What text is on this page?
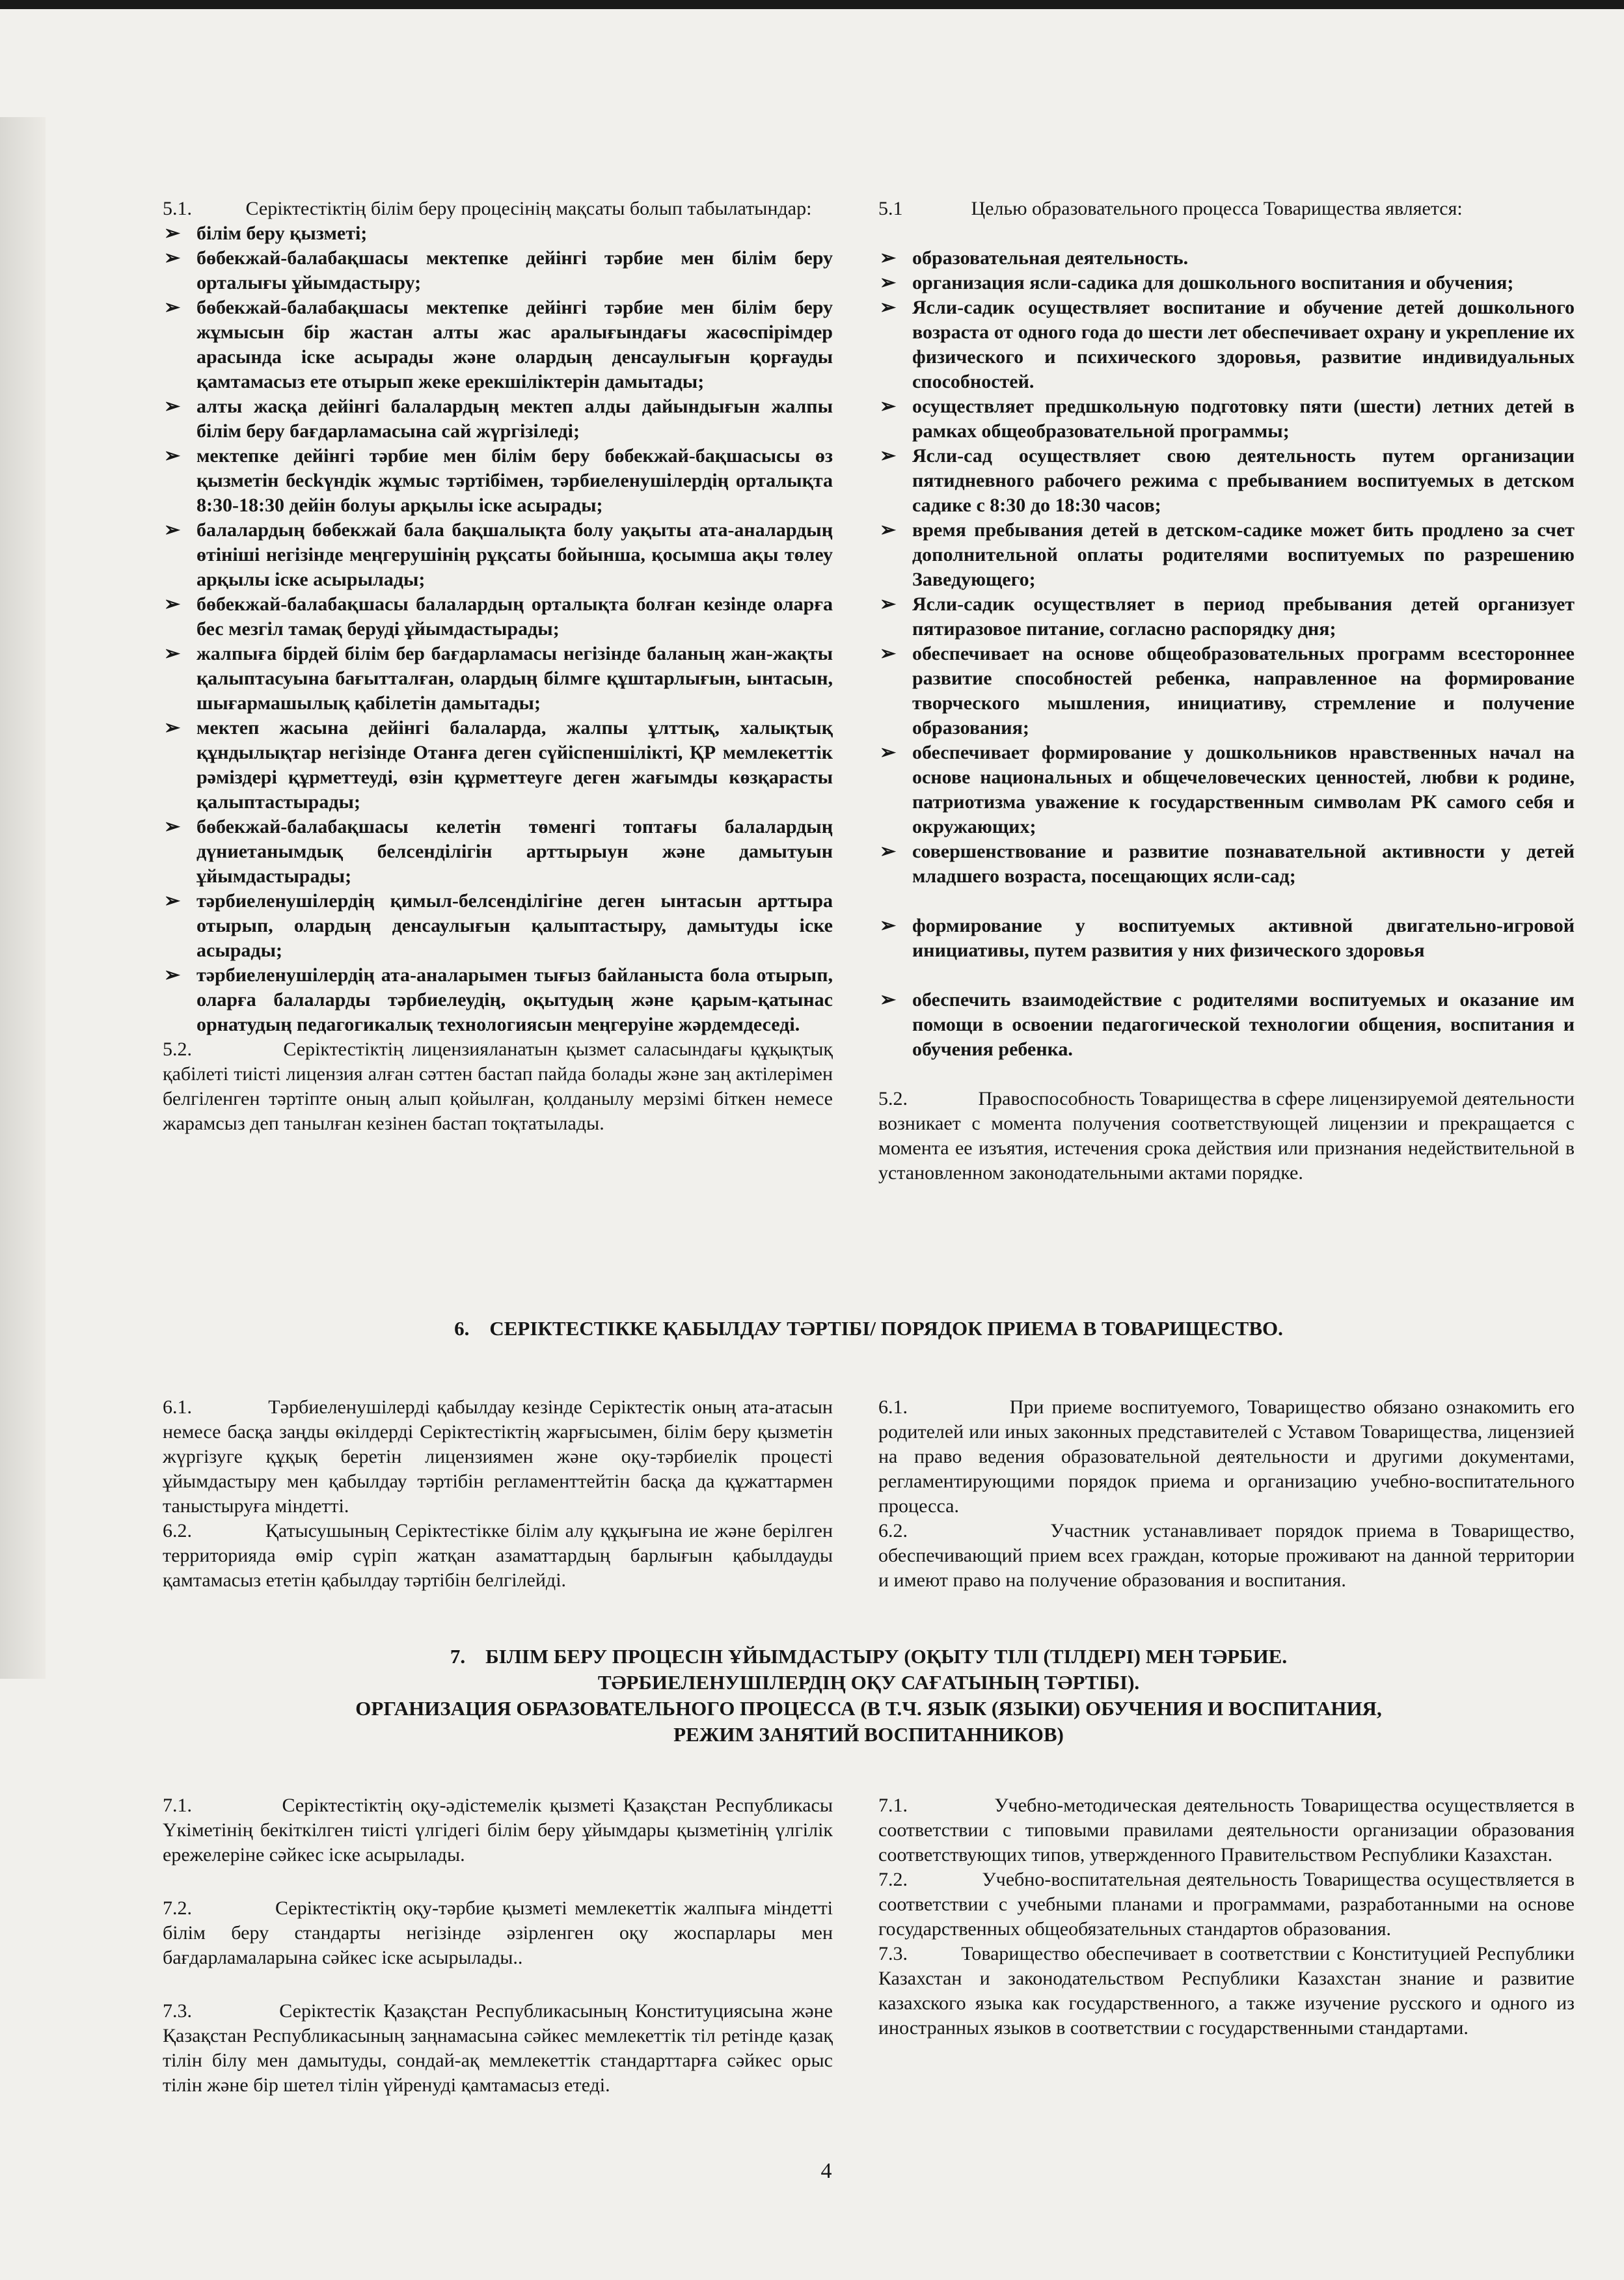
5.1.           Серіктестіктің білім беру процесінің мақсаты болып табылатындар:

➢ білім беру қызметі;
➢ бөбекжай-балабақшасы мектепке дейінгі тәрбие мен білім беру орталығы ұйымдастыру;
➢ бөбекжай-балабақшасы мектепке дейінгі тәрбие мен білім беру жұмысын бір жастан алты жас аралығындағы жасөспірімдер арасында іске асырады және олардың денсаулығын қорғауды қамтамасыз ете отырып жеке ерекшіліктерін дамытады;
➢ алты жасқа дейінгі балалардың мектеп алды дайындығын жалпы білім беру бағдарламасына сай жүргізіледі;
➢ мектепке дейінгі тәрбие мен білім беру бөбекжай-бақшасысы өз қызметін бесkүндік жұмыс тәртібімен, тәрбиеленушілердің орталықта 8:30-18:30 дейін болуы арқылы іске асырады;
➢ балалардың бөбекжай бала бақшалықта болу уақыты ата-аналардың өтініші негізінде меңгерушінің рұқсаты бойынша, қосымша ақы төлеу арқылы іске асырылады;
➢ бөбекжай-балабақшасы балалардың орталықта болған кезінде оларға бес мезгіл тамақ беруді ұйымдастырады;
➢ жалпыға бірдей білім бер бағдарламасы негізінде баланың жан-жақты қалыптасуына бағытталған, олардың білмге құштарлығын, ынтасын, шығармашылық қабілетін дамытады;
➢ мектеп жасына дейінгі балаларда, жалпы ұлттық, халықтық құндылықтар негізінде Отанға деген сүйіспеншілікті, ҚР мемлекеттік рәміздері құрметтеуді, өзін құрметтеуге деген жағымды көзқарасты қалыптастырады;
➢ бөбекжай-балабақшасы келетін төменгі топтағы балалардың дүниетанымдық белсенділігін арттырыун және дамытуын ұйымдастырады;
➢ тәрбиеленушілердің қимыл-белсенділігіне деген ынтасын арттыра отырып, олардың денсаулығын қалыптастыру, дамытуды іске асырады;
➢ тәрбиеленушілердің ата-аналарымен тығыз байланыста бола отырып, оларға балаларды тәрбиелеудің, оқытудың және қарым-қатынас орнатудың педагогикалық технологиясын меңгеруіне жәрдемдеседі.

5.2.           Серіктестіктің лицензияланатын қызмет саласындағы құқықтық қабілеті тиісті лицензия алған сәттен бастап пайда болады және заң актілерімен белгіленген тәртіпте оның алып қойылған, қолданылу мерзімі біткен немесе жарамсыз деп танылған кезінен бастап тоқтатылады.

5.1              Целью образовательного процесса Товарищества является:

➢ образовательная деятельность.
➢ организация ясли-садика для дошкольного воспитания и обучения;
➢ Ясли-садик осуществляет воспитание и обучение детей дошкольного возраста от одного года до шести лет обеспечивает охрану и укрепление их физического и психического здоровья, развитие индивидуальных способностей.
➢ осуществляет предшкольную подготовку пяти (шести) летних детей в рамках общеобразовательной программы;
➢ Ясли-сад осуществляет свою деятельность путем организации пятидневного рабочего режима с пребыванием воспитуемых в детском садике с 8:30 до 18:30 часов;
➢ время пребывания детей в детском-садике может бить продлено за счет дополнительной оплаты родителями воспитуемых по разрешению Заведующего;
➢ Ясли-садик осуществляет в период пребывания детей организует пятиразовое питание, согласно распорядку дня;
➢ обеспечивает на основе общеобразовательных программ всестороннее развитие способностей ребенка, направленное на формирование творческого мышления, инициативу, стремление и получение образования;
➢ обеспечивает формирование у дошкольников нравственных начал на основе национальных и общечеловеческих ценностей, любви к родине, патриотизма уважение к государственным символам РК самого себя и окружающих;
➢ совершенствование и развитие познавательной активности у детей младшего возраста, посещающих ясли-сад;
➢ формирование у воспитуемых активной двигательно-игровой инициативы, путем развития у них физического здоровья
➢ обеспечить взаимодействие с родителями воспитуемых и оказание им помощи в освоении педагогической технологии общения, воспитания и обучения ребенка.

5.2.              Правоспособность Товарищества в сфере лицензируемой деятельности возникает с момента получения соответствующей лицензии и прекращается с момента ее изъятия, истечения срока действия или признания недействительной в установленном законодательными актами порядке.

6.    СЕРІКТЕСТІККЕ ҚАБЫЛДАУ ТӘРТІБІ/ ПОРЯДОК ПРИЕМА В ТОВАРИЩЕСТВО.

6.1.           Тәрбиеленушілерді қабылдау кезінде Серіктестік оның ата-атасын немесе басқа заңды өкілдерді Серіктестіктің жарғысымен, білім беру қызметін жүргізуге құқық беретін лицензиямен және оқу-тәрбиелік процесті ұйымдастыру мен қабылдау тәртібін регламенттейтін басқа да құжаттармен таныстыруға міндетті.

6.2.           Қатысушының Серіктестікке білім алу құқығына ие және берілген территорияда өмір сүріп жатқан азаматтардың барлығын қабылдауды қамтамасыз ететін қабылдау тәртібін белгілейді.

6.1.             При приеме воспитуемого, Товарищество обязано ознакомить его родителей или иных законных представителей с Уставом Товарищества, лицензией на право ведения образовательной деятельности и другими документами, регламентирующими порядок приема и организацию учебно-воспитательного процесса.

6.2.           Участник устанавливает порядок приема в Товарищество, обеспечивающий прием всех граждан, которые проживают на данной территории и имеют право на получение образования и воспитания.

7.    БІЛІМ БЕРУ ПРОЦЕСІН ҰЙЫМДАСТЫРУ (ОҚЫТУ ТІЛІ (ТІЛДЕРІ) МЕН ТӘРБИЕ.
ТӘРБИЕЛЕНУШІЛЕРДІҢ ОҚУ САҒАТЫНЫҢ ТӘРТІБІ).
ОРГАНИЗАЦИЯ ОБРАЗОВАТЕЛЬНОГО ПРОЦЕССА (В Т.Ч. ЯЗЫК (ЯЗЫКИ) ОБУЧЕНИЯ И ВОСПИТАНИЯ,
РЕЖИМ ЗАНЯТИЙ ВОСПИТАННИКОВ)

7.1.           Серіктестіктің оқу-әдістемелік қызметі Қазақстан Республикасы Үкіметінің бекіткілген тиісті үлгідегі білім беру ұйымдары қызметінің үлгілік ережелеріне сәйкес іске асырылады.

7.2.           Серіктестіктің оқу-тәрбие қызметі мемлекеттік жалпыға міндетті білім беру стандарты негізінде әзірленген оқу жоспарлары мен бағдарламаларына сәйкес іске асырылады..

7.3.           Серіктестік Қазақстан Республикасының Конституциясына және Қазақстан Республикасының заңнамасына сәйкес мемлекеттік тіл ретінде қазақ тілін білу мен дамытуды, сондай-ақ мемлекеттік стандарттарға сәйкес орыс тілін және бір шетел тілін үйренуді қамтамасыз етеді.

7.1.            Учебно-методическая деятельность Товарищества осуществляется в соответствии с типовыми правилами деятельности организации образования соответствующих типов, утвержденного Правительством Республики Казахстан.

7.2.            Учебно-воспитательная деятельность Товарищества осуществляется в соответствии с учебными планами и программами, разработанными на основе государственных общеобязательных стандартов образования.

7.3.        Товарищество обеспечивает в соответствии с Конституцией Республики Казахстан и законодательством Республики Казахстан знание и развитие казахского языка как государственного, а также изучение русского и одного из иностранных языков в соответствии с государственными стандартами.

4
